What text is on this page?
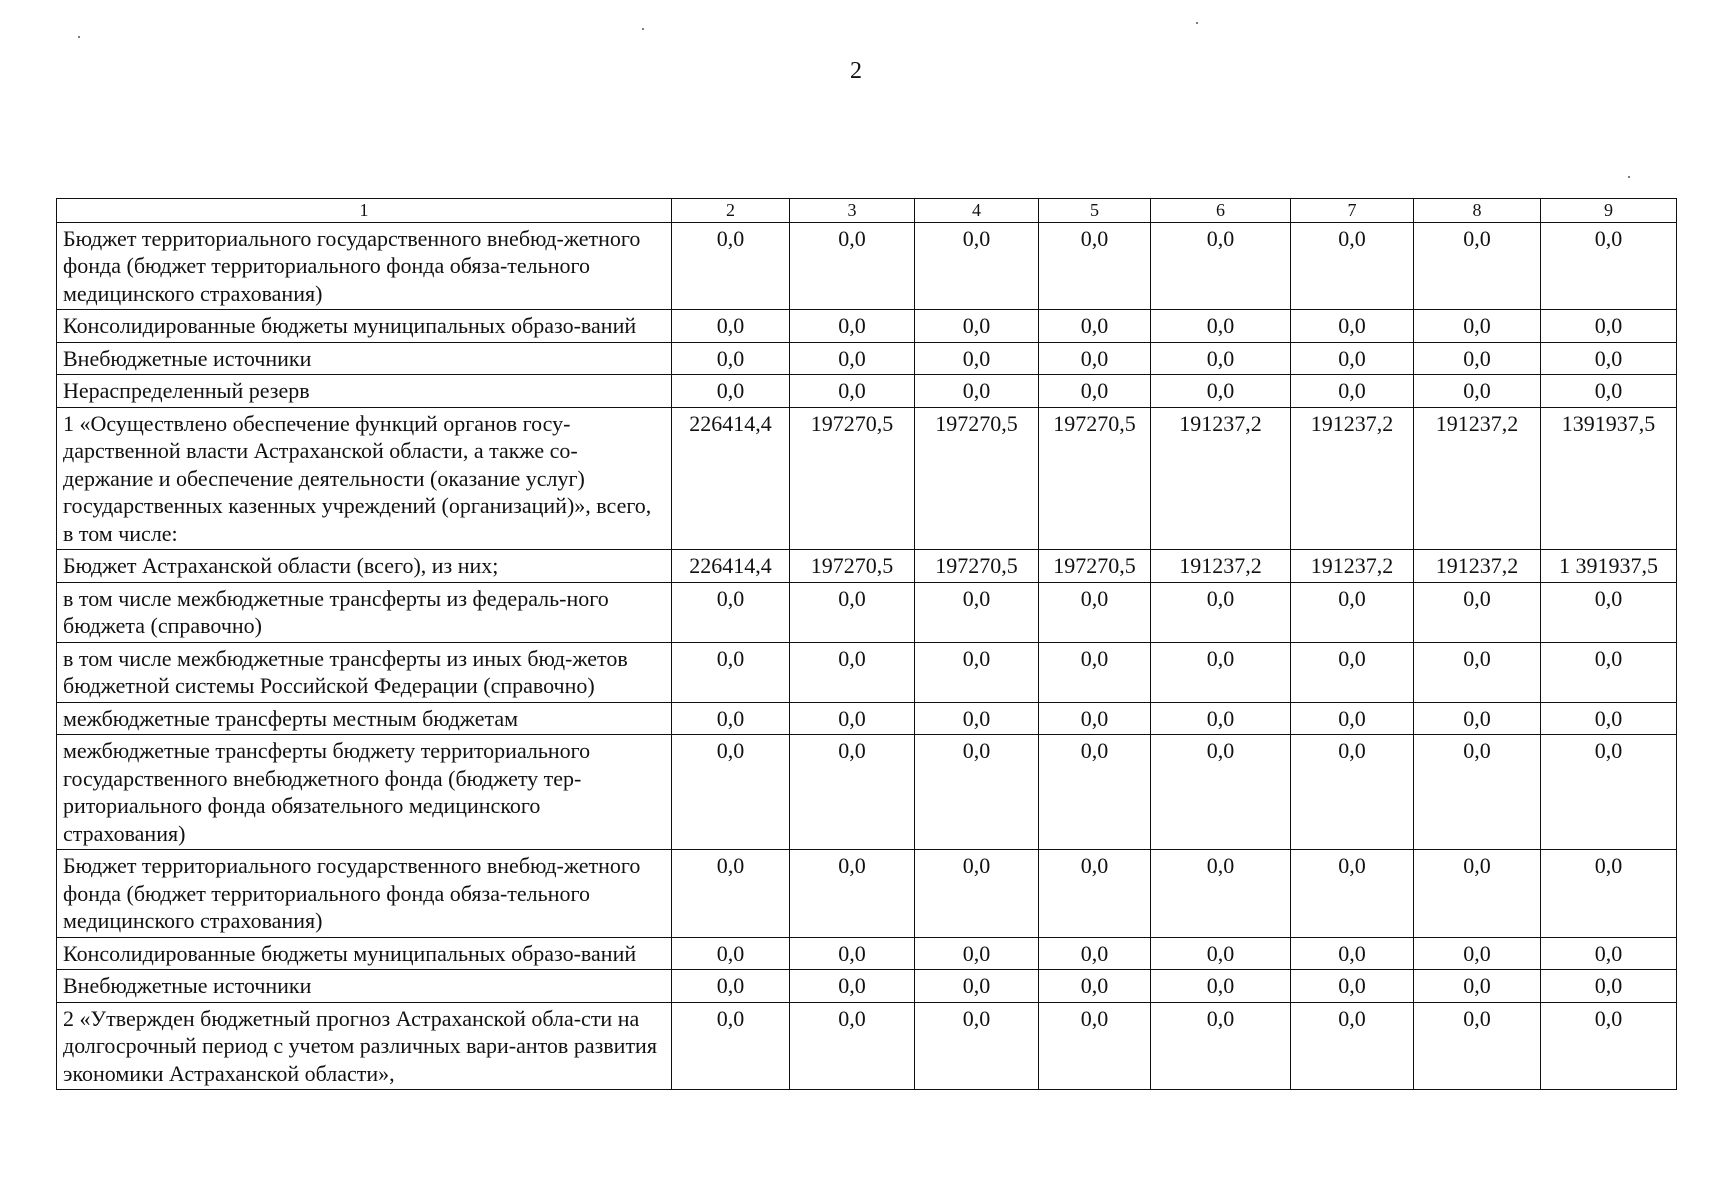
2
1	2	3	4	5	6	7	8	9
Бюджет территориального государственного внебюд-жетного фонда (бюджет территориального фонда обяза-тельного медицинского страхования)	0,0	0,0	0,0	0,0	0,0	0,0	0,0	0,0
Консолидированные бюджеты муниципальных образо-ваний	0,0	0,0	0,0	0,0	0,0	0,0	0,0	0,0
Внебюджетные источники	0,0	0,0	0,0	0,0	0,0	0,0	0,0	0,0
Нераспределенный резерв	0,0	0,0	0,0	0,0	0,0	0,0	0,0	0,0
1 «Осуществлено обеспечение функций органов госу-дарственной власти Астраханской области, а также со-держание и обеспечение деятельности (оказание услуг) государственных казенных учреждений (организаций)», всего, в том числе:	226414,4	197270,5	197270,5	197270,5	191237,2	191237,2	191237,2	1391937,5
Бюджет Астраханской области (всего), из них;	226414,4	197270,5	197270,5	197270,5	191237,2	191237,2	191237,2	1 391937,5
в том числе межбюджетные трансферты из федераль-ного бюджета (справочно)	0,0	0,0	0,0	0,0	0,0	0,0	0,0	0,0
в том числе межбюджетные трансферты из иных бюд-жетов бюджетной системы Российской Федерации (справочно)	0,0	0,0	0,0	0,0	0,0	0,0	0,0	0,0
межбюджетные трансферты местным бюджетам	0,0	0,0	0,0	0,0	0,0	0,0	0,0	0,0
межбюджетные трансферты бюджету территориального государственного внебюджетного фонда (бюджету тер-риториального фонда обязательного медицинского страхования)	0,0	0,0	0,0	0,0	0,0	0,0	0,0	0,0
Бюджет территориального государственного внебюд-жетного фонда (бюджет территориального фонда обяза-тельного медицинского страхования)	0,0	0,0	0,0	0,0	0,0	0,0	0,0	0,0
Консолидированные бюджеты муниципальных образо-ваний	0,0	0,0	0,0	0,0	0,0	0,0	0,0	0,0
Внебюджетные источники	0,0	0,0	0,0	0,0	0,0	0,0	0,0	0,0
2 «Утвержден бюджетный прогноз Астраханской обла-сти на долгосрочный период с учетом различных вари-антов развития экономики Астраханской области»,	0,0	0,0	0,0	0,0	0,0	0,0	0,0	0,0
